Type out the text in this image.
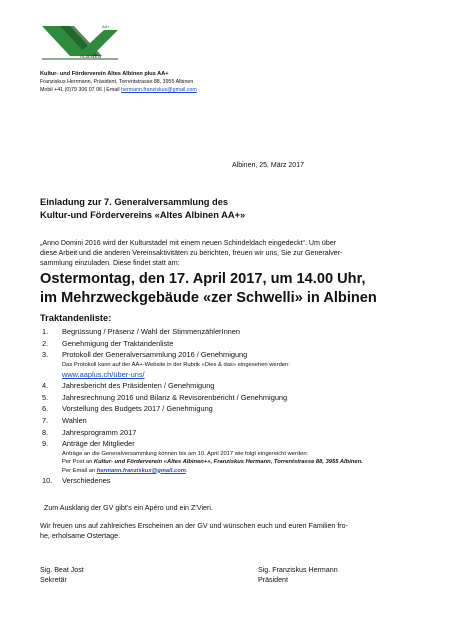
AA+
ALBINEN
Kultur- und Förderverein Altes Albinen plus AA+
Franziskus Herrmann, Präsident, Torrentstrasse 88, 3955 Albinen
Mobil +41 (0)79 306 07 06 | Email hermann.franziskus@gmail.com
Albinen, 25. März 2017
Einladung zur 7. Generalversammlung des
Kultur-und Fördervereins «Altes Albinen AA+»
„Anno Domini 2016 wird der Kulturstadel mit einem neuen Schindeldach eingedeckt“. Um über
diese Arbeit und die anderen Vereinsaktivitäten zu berichten, freuen wir uns, Sie zur Generalver-
sammlung einzuladen. Diese findet statt am:
Ostermontag, den 17. April 2017, um 14.00 Uhr,
im Mehrzweckgebäude «zer Schwelli» in Albinen
Traktandenliste:
1. Begrüssung / Präsenz / Wahl der StimmenzählerInnen
2. Genehmigung der Traktandenliste
3. Protokoll der Generalversammlung 2016 / Genehmigung
Das Protokoll kann auf der AA+-Website in der Rubrik «Dies & das» eingesehen werden:
www.aaplus.ch/über-uns/
4. Jahresbericht des Präsidenten / Genehmigung
5. Jahresrechnung 2016 und Bilanz & Revisorenbericht / Genehmigung
6. Vorstellung des Budgets 2017 / Genehmigung
7. Wahlen
8. Jahresprogramm 2017
9. Anträge der Mitglieder
Anträge an die Generalversammlung können bis am 10. April 2017 wie folgt eingereicht werden:
Per Post an Kultur- und Förderverein «Altes Albinen+», Franziskus Hermann, Torrentstrasse 88, 3955 Albinen.
Per Email an hermann.franziskus@gmail.com.
10. Verschiedenes
Zum Ausklang der GV gibt’s ein Apéro und ein Z’Vieri.
Wir freuen uns auf zahlreiches Erscheinen an der GV und wünschen euch und euren Familien fro-
he, erholsame Ostertage.
Sig. Beat Jost
Sekretär
Sig. Franziskus Hermann
Präsident
